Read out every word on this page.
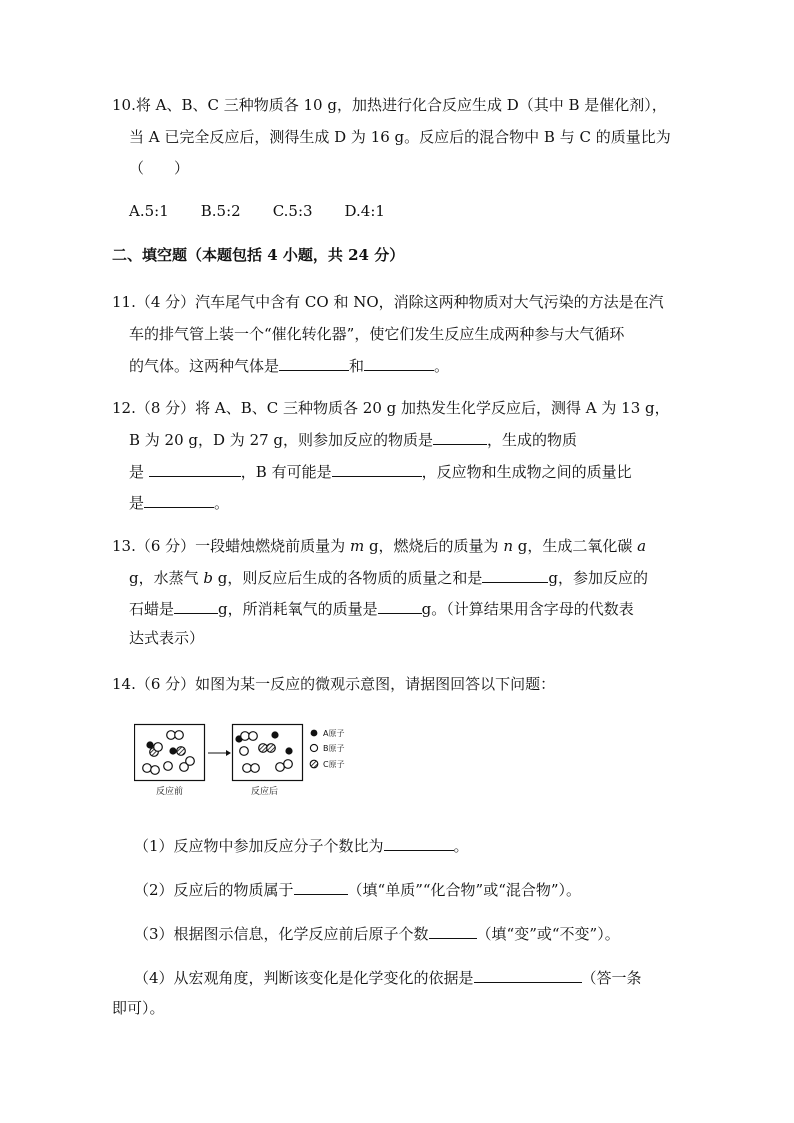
10.将 A、B、C 三种物质各 10 g，加热进行化合反应生成 D（其中 B 是催化剂），
当 A 已完全反应后，测得生成 D 为 16 g。反应后的混合物中 B 与 C 的质量比为
（　　）
A.5:1 B.5:2 C.5:3 D.4:1
二、填空题（本题包括 4 小题，共 24 分）
11.（4 分）汽车尾气中含有 CO 和 NO，消除这两种物质对大气污染的方法是在汽
车的排气管上装一个“催化转化器”，使它们发生反应生成两种参与大气循环
的气体。这两种气体是	和	。
12.（8 分）将 A、B、C 三种物质各 20 g 加热发生化学反应后，测得 A 为 13 g，
B 为 20 g，D 为 27 g，则参加反应的物质是	，生成的物质
是	，B 有可能是	，反应物和生成物之间的质量比
是	。
13.（6 分）一段蜡烛燃烧前质量为 m g，燃烧后的质量为 n g，生成二氧化碳 a
g，水蒸气 b g，则反应后生成的各物质的质量之和是	g，参加反应的
石蜡是	g，所消耗氧气的质量是	g。（计算结果用含字母的代数表
达式表示）
14.（6 分）如图为某一反应的微观示意图，请据图回答以下问题：
A原子
B原子
C原子
反应前	反应后
（1）反应物中参加反应分子个数比为	。
（2）反应后的物质属于	（填“单质”“化合物”或“混合物”）。
（3）根据图示信息，化学反应前后原子个数	（填“变”或“不变”）。
（4）从宏观角度，判断该变化是化学变化的依据是	（答一条
即可）。
